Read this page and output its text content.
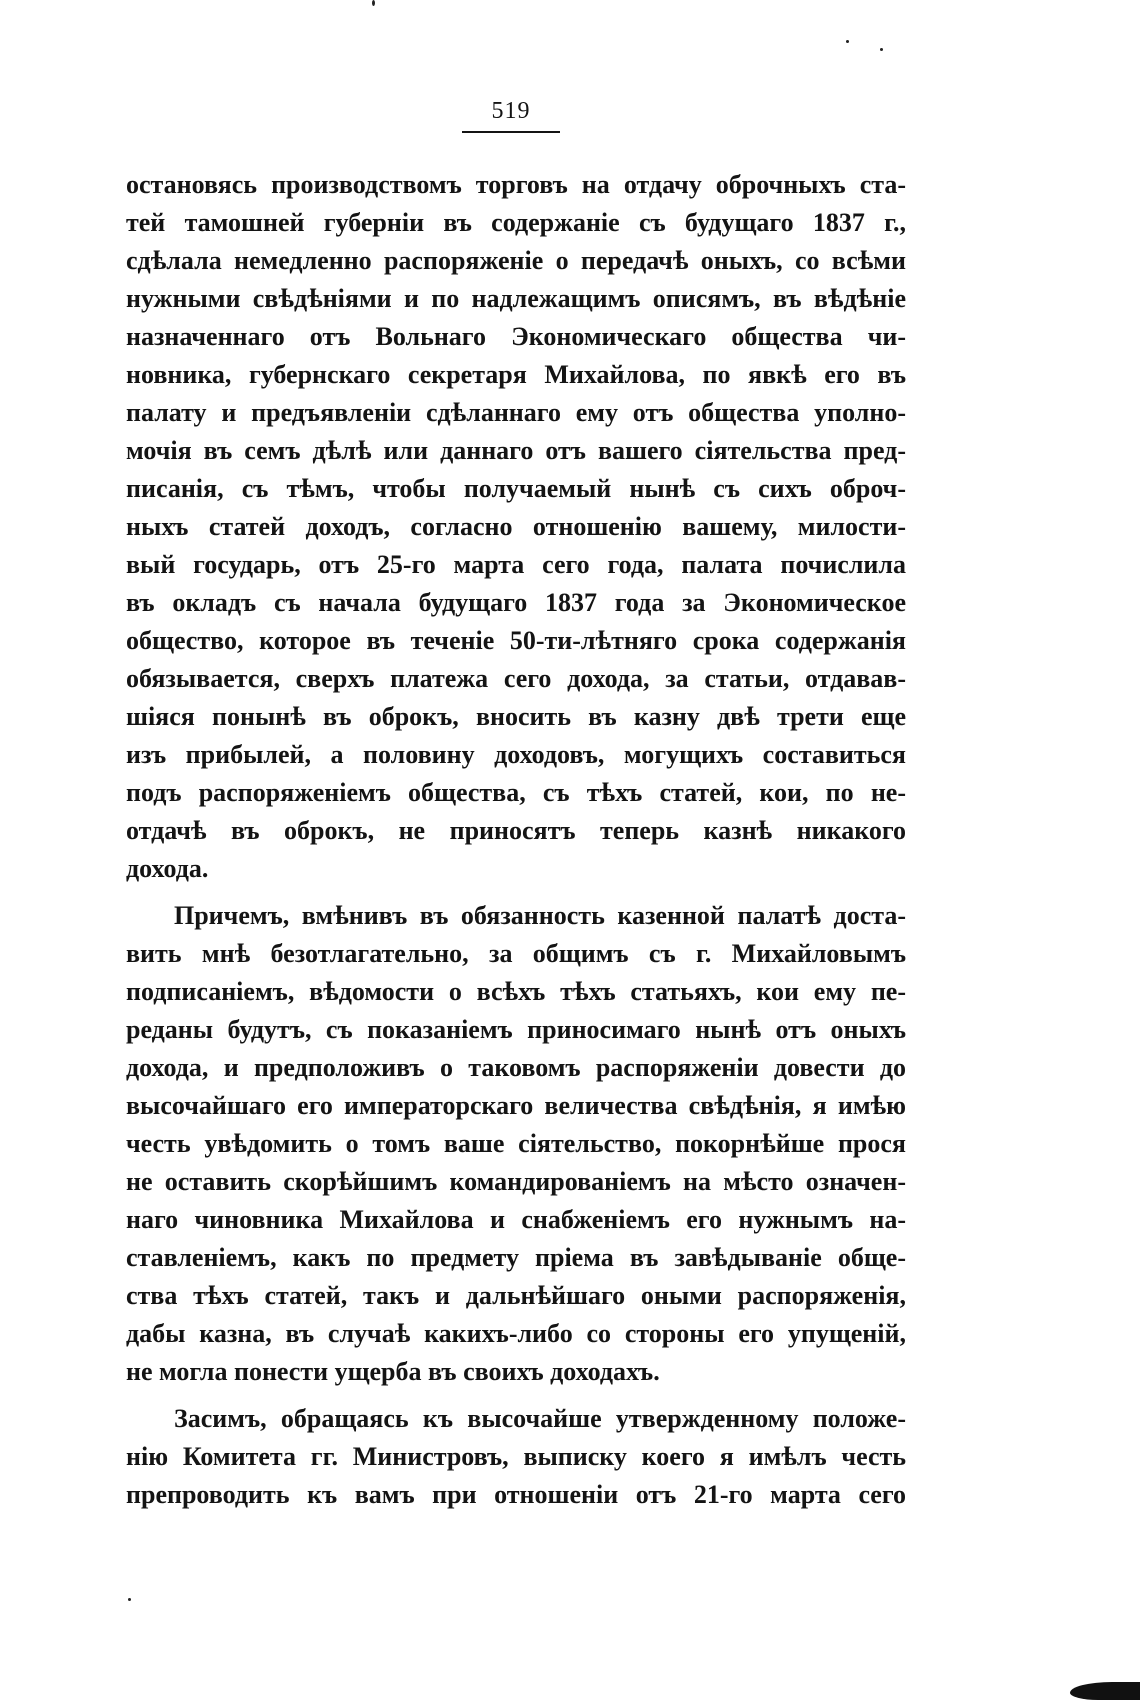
519
остановясь производствомъ торговъ на отдачу оброчныхъ ста-
тей тамошней губерніи въ содержаніе съ будущаго 1837 г.,
сдѣлала немедленно распоряженіе о передачѣ оныхъ, со всѣми
нужными свѣдѣніями и по надлежащимъ описямъ, въ вѣдѣніе
назначеннаго отъ Вольнаго Экономическаго общества чи-
новника, губернскаго секретаря Михайлова, по явкѣ его въ
палату и предъявленіи сдѣланнаго ему отъ общества уполно-
мочія въ семъ дѣлѣ или даннаго отъ вашего сіятельства пред-
писанія, съ тѣмъ, чтобы получаемый нынѣ съ сихъ оброч-
ныхъ статей доходъ, согласно отношенію вашему, милости-
вый государь, отъ 25-го марта сего года, палата почислила
въ окладъ съ начала будущаго 1837 года за Экономическое
общество, которое въ теченіе 50-ти-лѣтняго срока содержанія
обязывается, сверхъ платежа сего дохода, за статьи, отдавав-
шіяся понынѣ въ оброкъ, вносить въ казну двѣ трети еще
изъ прибылей, а половину доходовъ, могущихъ составиться
подъ распоряженіемъ общества, съ тѣхъ статей, кои, по не-
отдачѣ въ оброкъ, не приносятъ теперь казнѣ никакого
дохода.
Причемъ, вмѣнивъ въ обязанность казенной палатѣ доста-
вить мнѣ безотлагательно, за общимъ съ г. Михайловымъ
подписаніемъ, вѣдомости о всѣхъ тѣхъ статьяхъ, кои ему пе-
реданы будутъ, съ показаніемъ приносимаго нынѣ отъ оныхъ
дохода, и предположивъ о таковомъ распоряженіи довести до
высочайшаго его императорскаго величества свѣдѣнія, я имѣю
честь увѣдомить о томъ ваше сіятельство, покорнѣйше прося
не оставить скорѣйшимъ командированіемъ на мѣсто означен-
наго чиновника Михайлова и снабженіемъ его нужнымъ на-
ставленіемъ, какъ по предмету пріема въ завѣдываніе обще-
ства тѣхъ статей, такъ и дальнѣйшаго оными распоряженія,
дабы казна, въ случаѣ какихъ-либо со стороны его упущеній,
не могла понести ущерба въ своихъ доходахъ.
Засимъ, обращаясь къ высочайше утвержденному положе-
нію Комитета гг. Министровъ, выписку коего я имѣлъ честь
препроводить къ вамъ при отношеніи отъ 21-го марта сего
